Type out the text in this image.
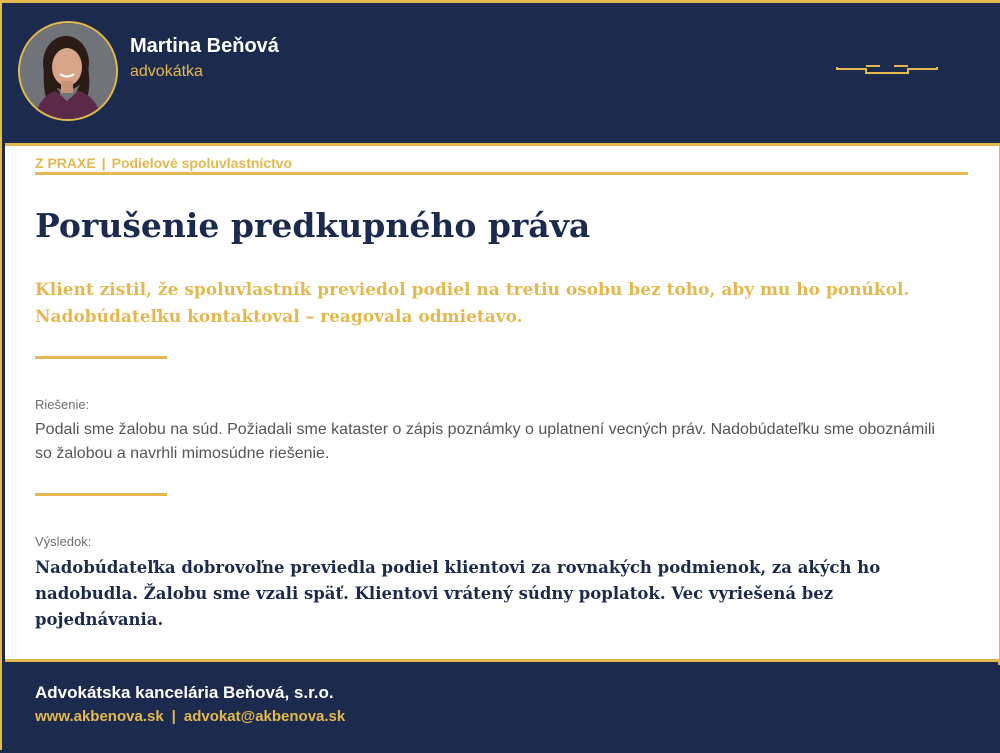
Martina Beňová
advokátka
Z PRAXE | Podielové spoluvlastníctvo
Porušenie predkupného práva

Klient zistil, že spoluvlastník previedol podiel na tretiu osobu bez toho, aby mu ho ponúkol. Nadobúdateľku kontaktoval – reagovala odmietavo.

Riešenie:

Podali sme žalobu na súd. Požiadali sme kataster o zápis poznámky o uplatnení vecných práv. Nadobúdateľku sme oboznámili so žalobou a navrhli mimosúdne riešenie.

Výsledok:

Nadobúdateľka dobrovoľne previedla podiel klientovi za rovnakých podmienok, za akých ho nadobudla. Žalobu sme vzali späť. Klientovi vrátený súdny poplatok. Vec vyriešená bez pojednávania.

Advokátska kancelária Beňová, s.r.o.
www.akbenova.sk | advokat@akbenova.sk
